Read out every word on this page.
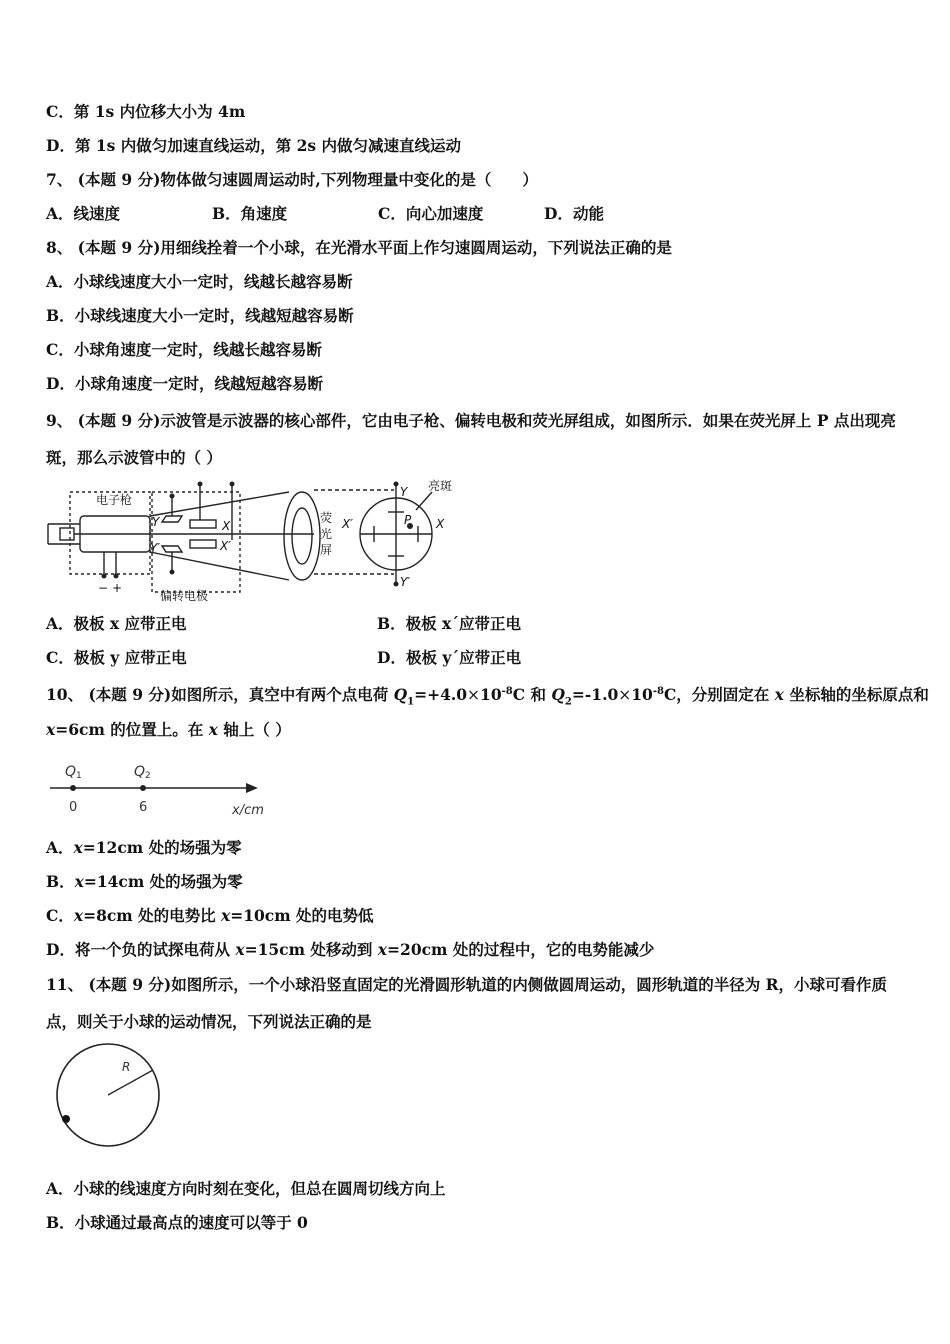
C．第 1s 内位移大小为 4m
D．第 1s 内做匀加速直线运动，第 2s 内做匀减速直线运动
7、 (本题 9 分)物体做匀速圆周运动时,下列物理量中变化的是（　　）
A．线速度	B．角速度	C．向心加速度	D．动能
8、 (本题 9 分)用细线拴着一个小球，在光滑水平面上作匀速圆周运动，下列说法正确的是
A．小球线速度大小一定时，线越长越容易断
B．小球线速度大小一定时，线越短越容易断
C．小球角速度一定时，线越长越容易断
D．小球角速度一定时，线越短越容易断
9、 (本题 9 分)示波管是示波器的核心部件，它由电子枪、偏转电极和荧光屏组成，如图所示．如果在荧光屏上 P 点出现亮斑，那么示波管中的（ ）
电子枪
偏转电极
荧
光
屏
亮斑
Y
Y′
X
X′	P
Y
Y′
X
X′
− +
A．极板 x 应带正电	B．极板 x´应带正电
C．极板 y 应带正电	D．极板 y´应带正电
10、 (本题 9 分)如图所示，真空中有两个点电荷 $Q_1=+4.0\times 10^{-8}C$ 和 $Q_2=-1.0\times 10^{-8}C$，分别固定在 x 坐标轴的坐标原点和
x=6cm 的位置上。在 x 轴上（ ）
Q 1	Q 2
0	6	x/cm
A．x=12cm 处的场强为零
B．x=14cm 处的场强为零
C．x=8cm 处的电势比 x=10cm 处的电势低
D．将一个负的试探电荷从 x=15cm 处移动到 x=20cm 处的过程中，它的电势能减少
11、 (本题 9 分)如图所示，一个小球沿竖直固定的光滑圆形轨道的内侧做圆周运动，圆形轨道的半径为 R，小球可看作质点，则关于小球的运动情况，下列说法正确的是
R
A．小球的线速度方向时刻在变化，但总在圆周切线方向上
B．小球通过最高点的速度可以等于 0
